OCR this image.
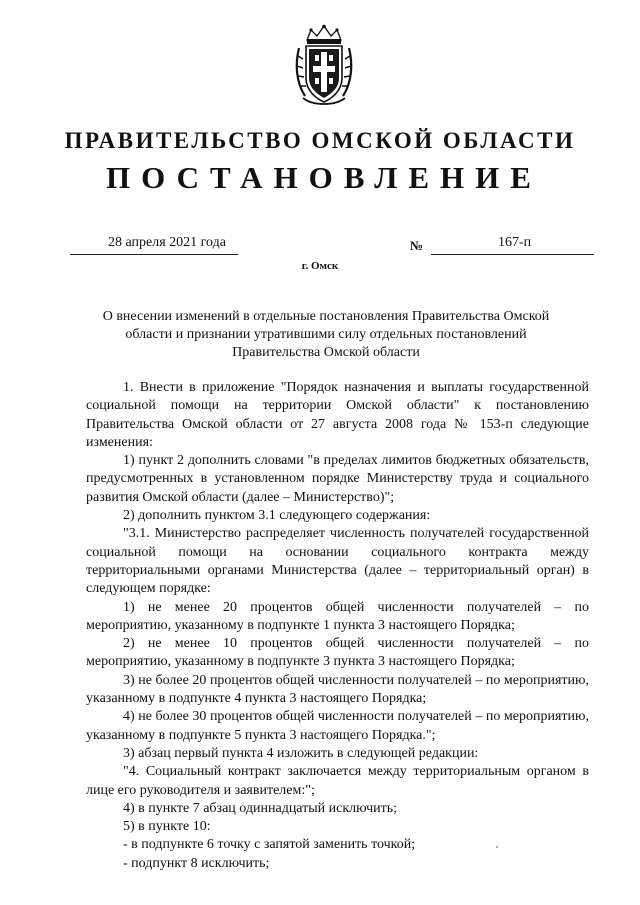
ПРАВИТЕЛЬСТВО ОМСКОЙ ОБЛАСТИ
ПОСТАНОВЛЕНИЕ
28 апреля 2021 года	№	167-п
г. Омск
О внесении изменений в отдельные постановления Правительства Омской области и признании утратившими силу отдельных постановлений Правительства Омской области

1. Внести в приложение "Порядок назначения и выплаты государственной социальной помощи на территории Омской области" к постановлению Правительства Омской области от 27 августа 2008 года № 153-п следующие изменения:

1) пункт 2 дополнить словами "в пределах лимитов бюджетных обязательств, предусмотренных в установленном порядке Министерству труда и социального развития Омской области (далее – Министерство)";

2) дополнить пунктом 3.1 следующего содержания:

"3.1. Министерство распределяет численность получателей государственной социальной помощи на основании социального контракта между территориальными органами Министерства (далее – территориальный орган) в следующем порядке:

1) не менее 20 процентов общей численности получателей – по мероприятию, указанному в подпункте 1 пункта 3 настоящего Порядка;

2) не менее 10 процентов общей численности получателей – по мероприятию, указанному в подпункте 3 пункта 3 настоящего Порядка;

3) не более 20 процентов общей численности получателей – по мероприятию, указанному в подпункте 4 пункта 3 настоящего Порядка;

4) не более 30 процентов общей численности получателей – по мероприятию, указанному в подпункте 5 пункта 3 настоящего Порядка.";

3) абзац первый пункта 4 изложить в следующей редакции:

"4. Социальный контракт заключается между территориальным органом в лице его руководителя и заявителем:";

4) в пункте 7 абзац одиннадцатый исключить;

5) в пункте 10:

- в подпункте 6 точку с запятой заменить точкой;

- подпункт 8 исключить;
